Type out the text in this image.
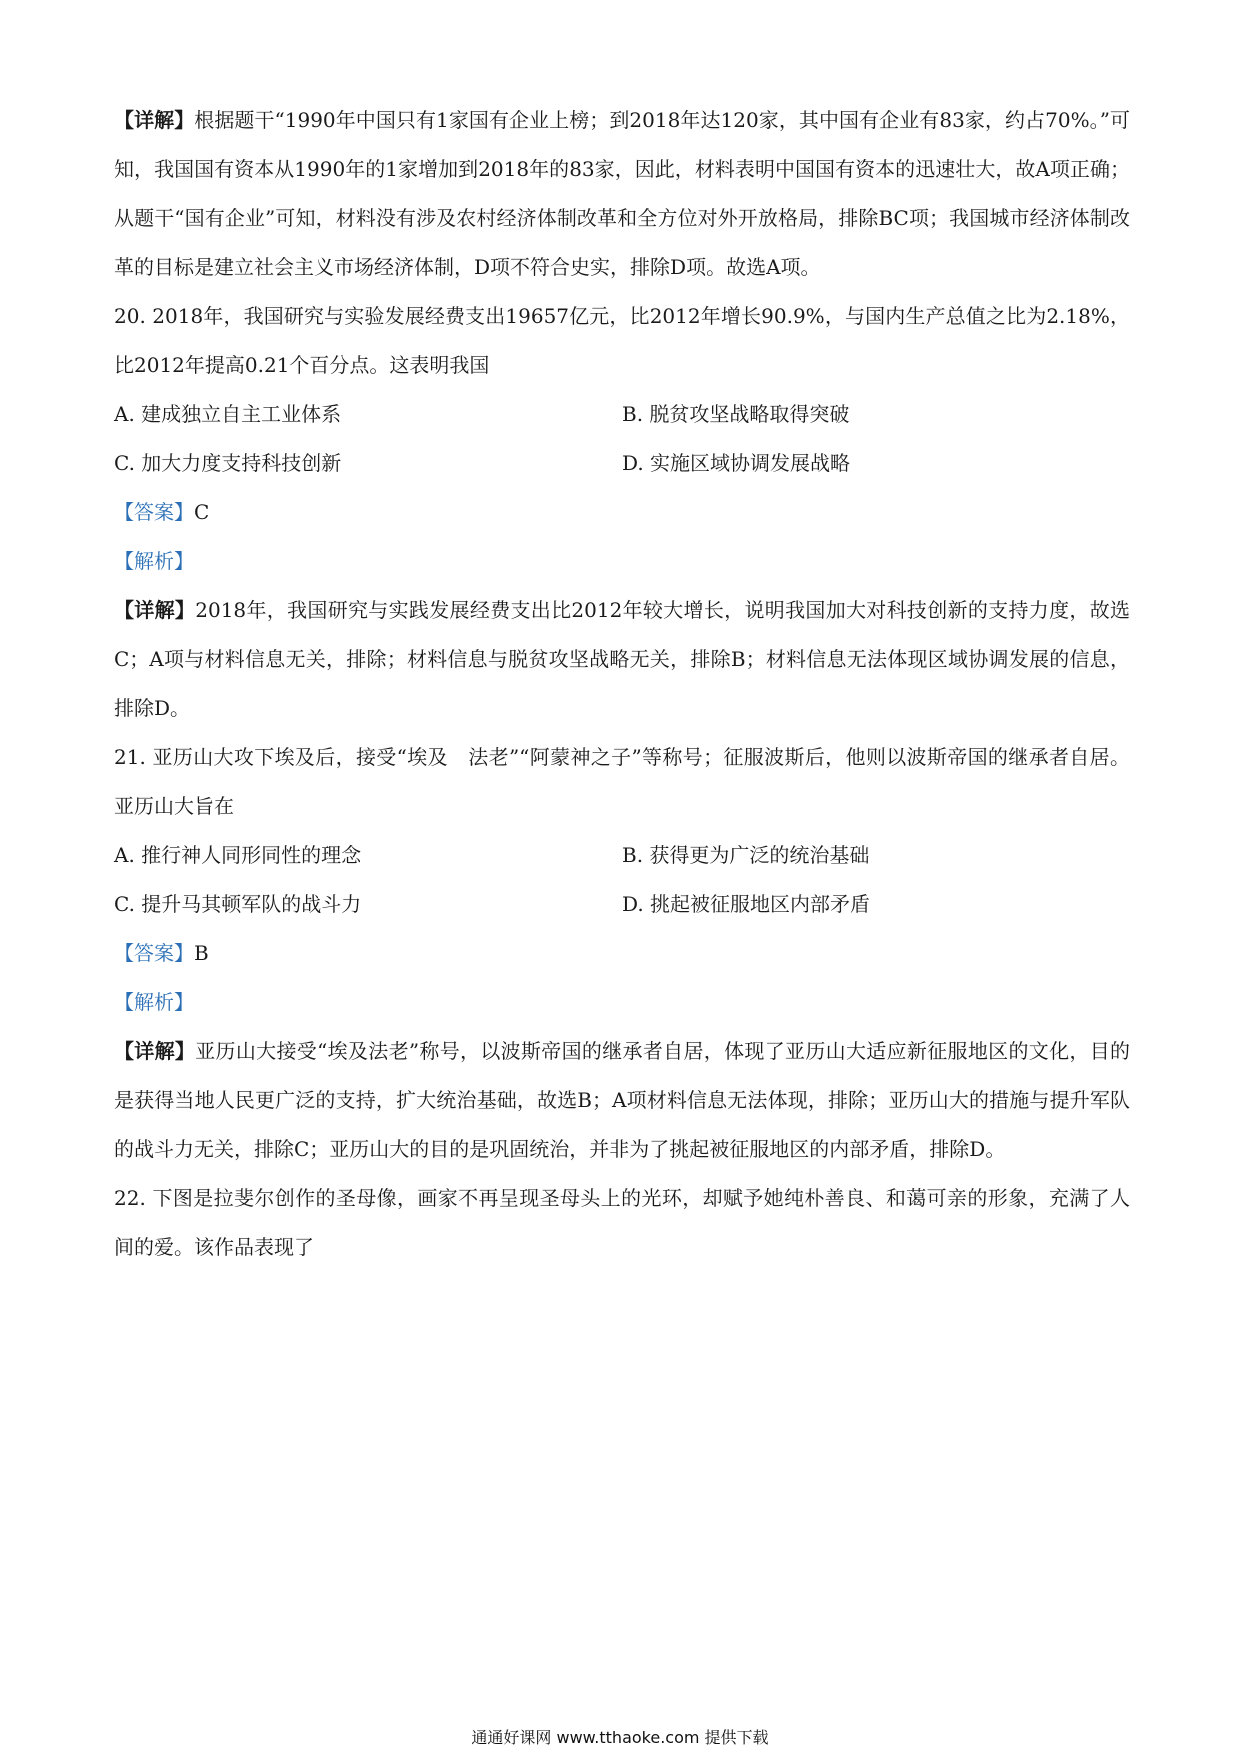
【详解】根据题干“1990年中国只有1家国有企业上榜；到2018年达120家，其中国有企业有83家，约占70%。”可知，我国国有资本从1990年的1家增加到2018年的83家，因此，材料表明中国国有资本的迅速壮大，故A项正确；从题干“国有企业”可知，材料没有涉及农村经济体制改革和全方位对外开放格局，排除BC项；我国城市经济体制改革的目标是建立社会主义市场经济体制，D项不符合史实，排除D项。故选A项。

20. 2018年，我国研究与实验发展经费支出19657亿元，比2012年增长90.9%，与国内生产总值之比为2.18%，比2012年提高0.21个百分点。这表明我国

A. 建成独立自主工业体系	B. 脱贫攻坚战略取得突破
C. 加大力度支持科技创新	D. 实施区域协调发展战略

【答案】C

【解析】

【详解】2018年，我国研究与实践发展经费支出比2012年较大增长，说明我国加大对科技创新的支持力度，故选C；A项与材料信息无关，排除；材料信息与脱贫攻坚战略无关，排除B；材料信息无法体现区域协调发展的信息，排除D。

21. 亚历山大攻下埃及后，接受“埃及　法老”“阿蒙神之子”等称号；征服波斯后，他则以波斯帝国的继承者自居。亚历山大旨在

A. 推行神人同形同性的理念	B. 获得更为广泛的统治基础
C. 提升马其顿军队的战斗力	D. 挑起被征服地区内部矛盾

【答案】B

【解析】

【详解】亚历山大接受“埃及法老”称号，以波斯帝国的继承者自居，体现了亚历山大适应新征服地区的文化，目的是获得当地人民更广泛的支持，扩大统治基础，故选B；A项材料信息无法体现，排除；亚历山大的措施与提升军队的战斗力无关，排除C；亚历山大的目的是巩固统治，并非为了挑起被征服地区的内部矛盾，排除D。

22. 下图是拉斐尔创作的圣母像，画家不再呈现圣母头上的光环，却赋予她纯朴善良、和蔼可亲的形象，充满了人间的爱。该作品表现了

通通好课网 www.tthaoke.com 提供下载
